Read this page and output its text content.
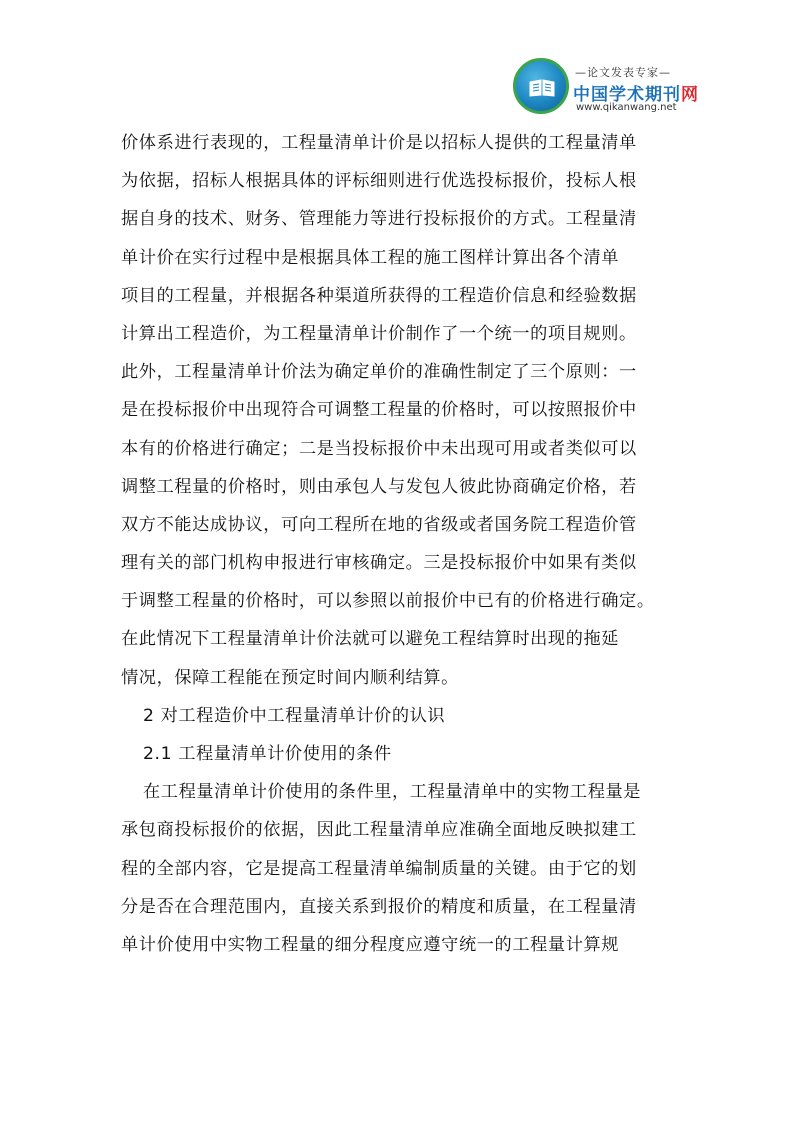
—论文发表专家—
中国学术期刊网
www.qikanwang.net
价体系进行表现的，工程量清单计价是以招标人提供的工程量清单
为依据，招标人根据具体的评标细则进行优选投标报价，投标人根
据自身的技术、财务、管理能力等进行投标报价的方式。工程量清
单计价在实行过程中是根据具体工程的施工图样计算出各个清单
项目的工程量，并根据各种渠道所获得的工程造价信息和经验数据
计算出工程造价，为工程量清单计价制作了一个统一的项目规则。
此外，工程量清单计价法为确定单价的准确性制定了三个原则：一
是在投标报价中出现符合可调整工程量的价格时，可以按照报价中
本有的价格进行确定；二是当投标报价中未出现可用或者类似可以
调整工程量的价格时，则由承包人与发包人彼此协商确定价格，若
双方不能达成协议，可向工程所在地的省级或者国务院工程造价管
理有关的部门机构申报进行审核确定。三是投标报价中如果有类似
于调整工程量的价格时，可以参照以前报价中已有的价格进行确定。
在此情况下工程量清单计价法就可以避免工程结算时出现的拖延
情况，保障工程能在预定时间内顺利结算。
2 对工程造价中工程量清单计价的认识
2.1 工程量清单计价使用的条件
在工程量清单计价使用的条件里，工程量清单中的实物工程量是
承包商投标报价的依据，因此工程量清单应准确全面地反映拟建工
程的全部内容，它是提高工程量清单编制质量的关键。由于它的划
分是否在合理范围内，直接关系到报价的精度和质量，在工程量清
单计价使用中实物工程量的细分程度应遵守统一的工程量计算规
